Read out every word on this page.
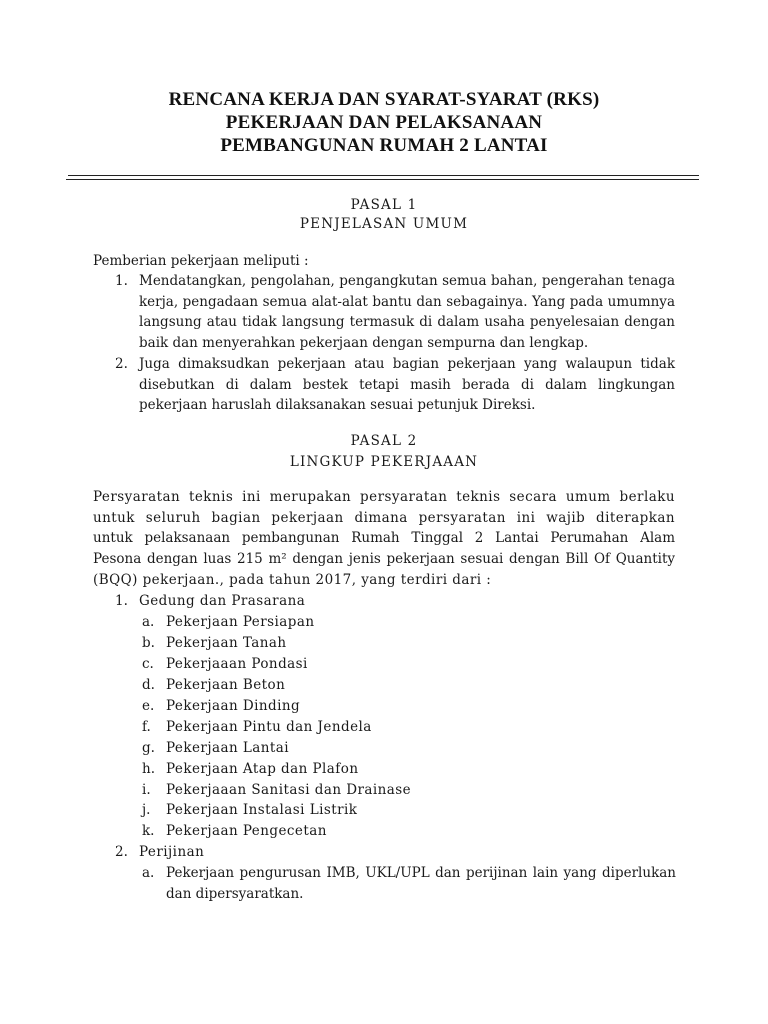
RENCANA KERJA DAN SYARAT-SYARAT (RKS)
PEKERJAAN DAN PELAKSANAAN
PEMBANGUNAN RUMAH 2 LANTAI
PASAL 1
PENJELASAN UMUM
Pemberian pekerjaan meliputi :
1. Mendatangkan, pengolahan, pengangkutan semua bahan, pengerahan tenaga
kerja, pengadaan semua alat-alat bantu dan sebagainya. Yang pada umumnya
langsung atau tidak langsung termasuk di dalam usaha penyelesaian dengan
baik dan menyerahkan pekerjaan dengan sempurna dan lengkap.
2. Juga dimaksudkan pekerjaan atau bagian pekerjaan yang walaupun tidak
disebutkan di dalam bestek tetapi masih berada di dalam lingkungan
pekerjaan haruslah dilaksanakan sesuai petunjuk Direksi.
PASAL 2
LINGKUP PEKERJAAAN
Persyaratan teknis ini merupakan persyaratan teknis secara umum berlaku
untuk seluruh bagian pekerjaan dimana persyaratan ini wajib diterapkan
untuk pelaksanaan pembangunan Rumah Tinggal 2 Lantai Perumahan Alam
Pesona dengan luas 215 m² dengan jenis pekerjaan sesuai dengan Bill Of Quantity
(BQQ) pekerjaan., pada tahun 2017, yang terdiri dari :
1. Gedung dan Prasarana
a. Pekerjaan Persiapan
b. Pekerjaan Tanah
c. Pekerjaaan Pondasi
d. Pekerjaan Beton
e. Pekerjaan Dinding
f. Pekerjaan Pintu dan Jendela
g. Pekerjaan Lantai
h. Pekerjaan Atap dan Plafon
i. Pekerjaaan Sanitasi dan Drainase
j. Pekerjaan Instalasi Listrik
k. Pekerjaan Pengecetan
2. Perijinan
a. Pekerjaan pengurusan IMB, UKL/UPL dan perijinan lain yang diperlukan
dan dipersyaratkan.
